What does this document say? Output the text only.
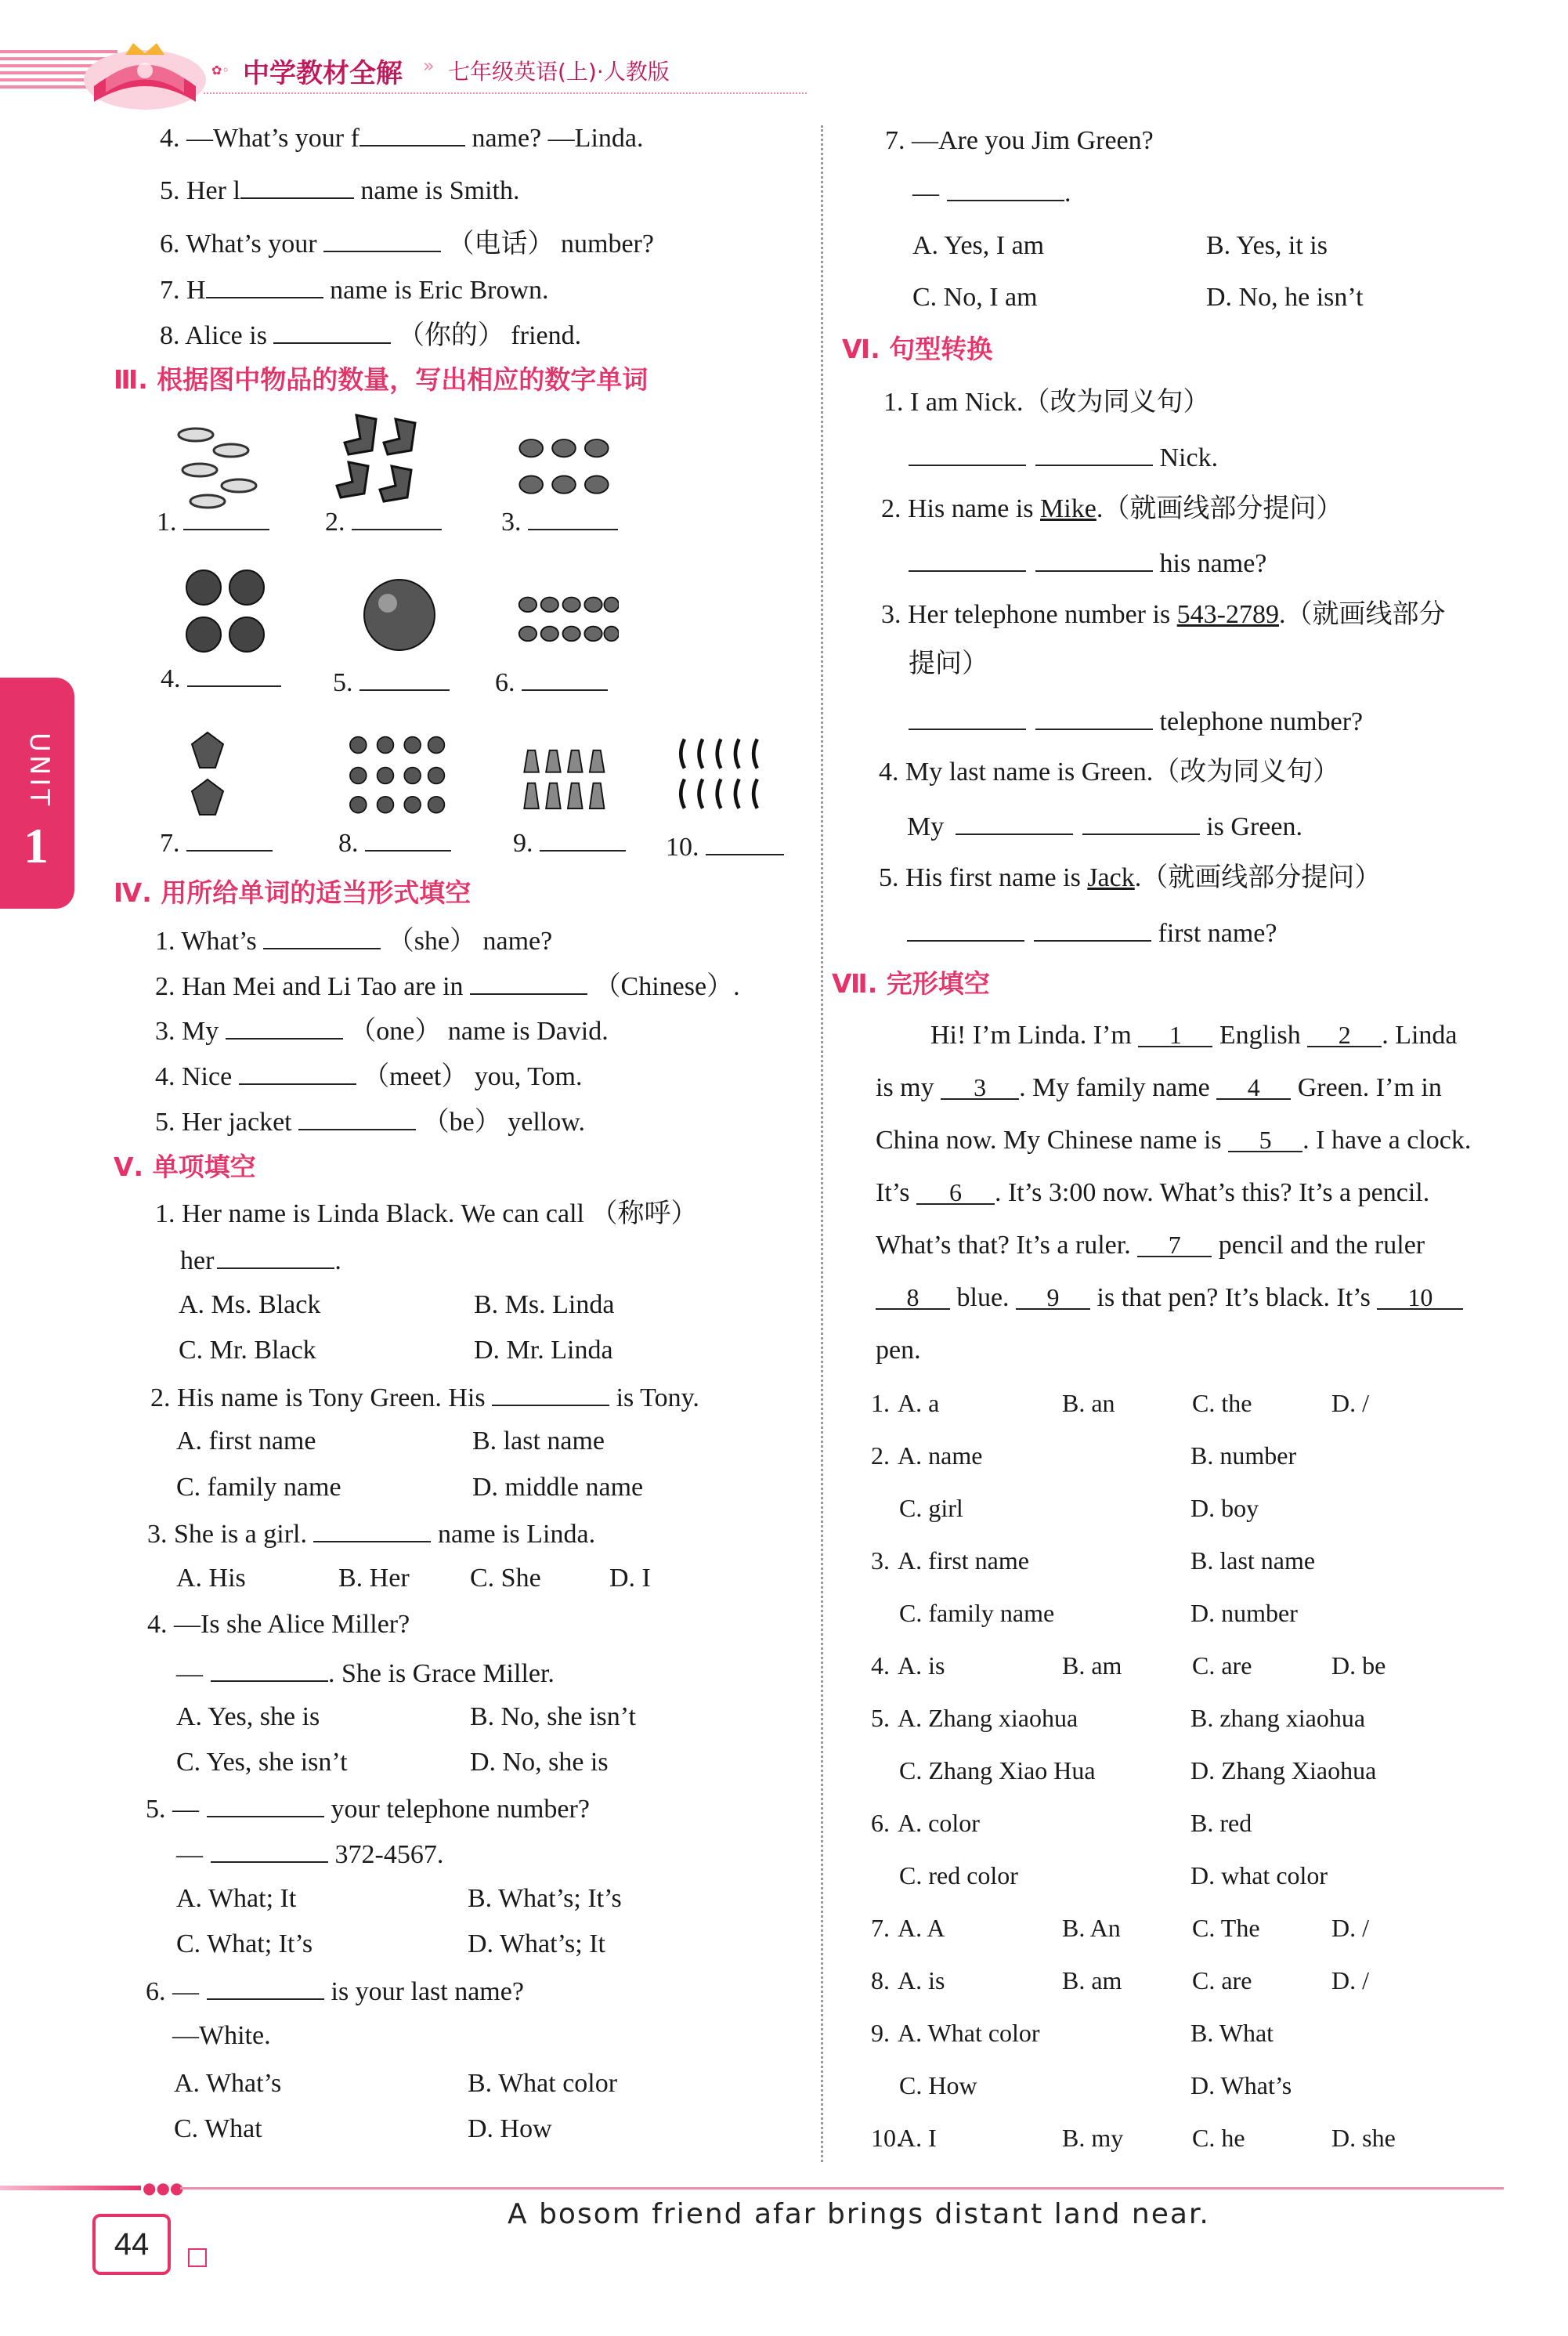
✿◦ 中学教材全解 » 七年级英语(上)·人教版
UNIT
1
4. —What’s your f	name? —Linda.
5. Her l	name is Smith.
6. What’s your	（电话） number?
7. H	name is Eric Brown.
8. Alice is	（你的） friend.
Ⅲ. 根据图中物品的数量，写出相应的数字单词
1.	2.	3.
4.	5.	6.
7.	8.	9.	10.
Ⅳ. 用所给单词的适当形式填空
1. What’s	（she） name?
2. Han Mei and Li Tao are in	（Chinese）.
3. My	（one） name is David.
4. Nice	（meet） you, Tom.
5. Her jacket	（be） yellow.
Ⅴ. 单项填空
1. Her name is Linda Black. We can call （称呼）
her	.
A. Ms. Black	B. Ms. Linda
C. Mr. Black	D. Mr. Linda
2. His name is Tony Green. His	is Tony.
A. first name	B. last name
C. family name	D. middle name
3. She is a girl.	name is Linda.
A. His	B. Her C. She	D. I
4. —Is she Alice Miller?
—	. She is Grace Miller.
A. Yes, she is	B. No, she isn’t
C. Yes, she isn’t	D. No, she is
5. —	your telephone number?
—	372-4567.
A. What; It	B. What’s; It’s
C. What; It’s	D. What’s; It
6. —	is your last name?
—White.
A. What’s	B. What color
C. What	D. How
7. —Are you Jim Green?
—	.
A. Yes, I am	B. Yes, it is
C. No, I am	D. No, he isn’t
Ⅵ. 句型转换
1. I am Nick.（改为同义句）
Nick.
2. His name is Mike.（就画线部分提问）
his name?
3. Her telephone number is 543-2789.（就画线部分
提问）
telephone number?
4. My last name is Green.（改为同义句）
My	is Green.
5. His first name is Jack.（就画线部分提问）
first name?
Ⅶ. 完形填空
Hi! I’m Linda. I’m 1 English 2 . Linda
is my 3 . My family name 4 Green. I’m in
China now. My Chinese name is 5 . I have a clock.
It’s 6 . It’s 3:00 now. What’s this? It’s a pencil.
What’s that? It’s a ruler. 7 pencil and the ruler
8 blue. 9 is that pen? It’s black. It’s 10
pen.
1. A. a	B. an	C. the	D. /
2. A. name	B. number
C. girl	D. boy
3. A. first name	B. last name
C. family name	D. number
4. A. is	B. am	C. are	D. be
5. A. Zhang xiaohua	B. zhang xiaohua
C. Zhang Xiao Hua	D. Zhang Xiaohua
6. A. color	B. red
C. red color	D. what color
7. A. A	B. An	C. The	D. /
8. A. is	B. am	C. are	D. /
9. A. What color	B. What
C. How	D. What’s
10.
A. I	B. my	C. he	D. she
●●●
44
A bosom friend afar brings distant land near.
